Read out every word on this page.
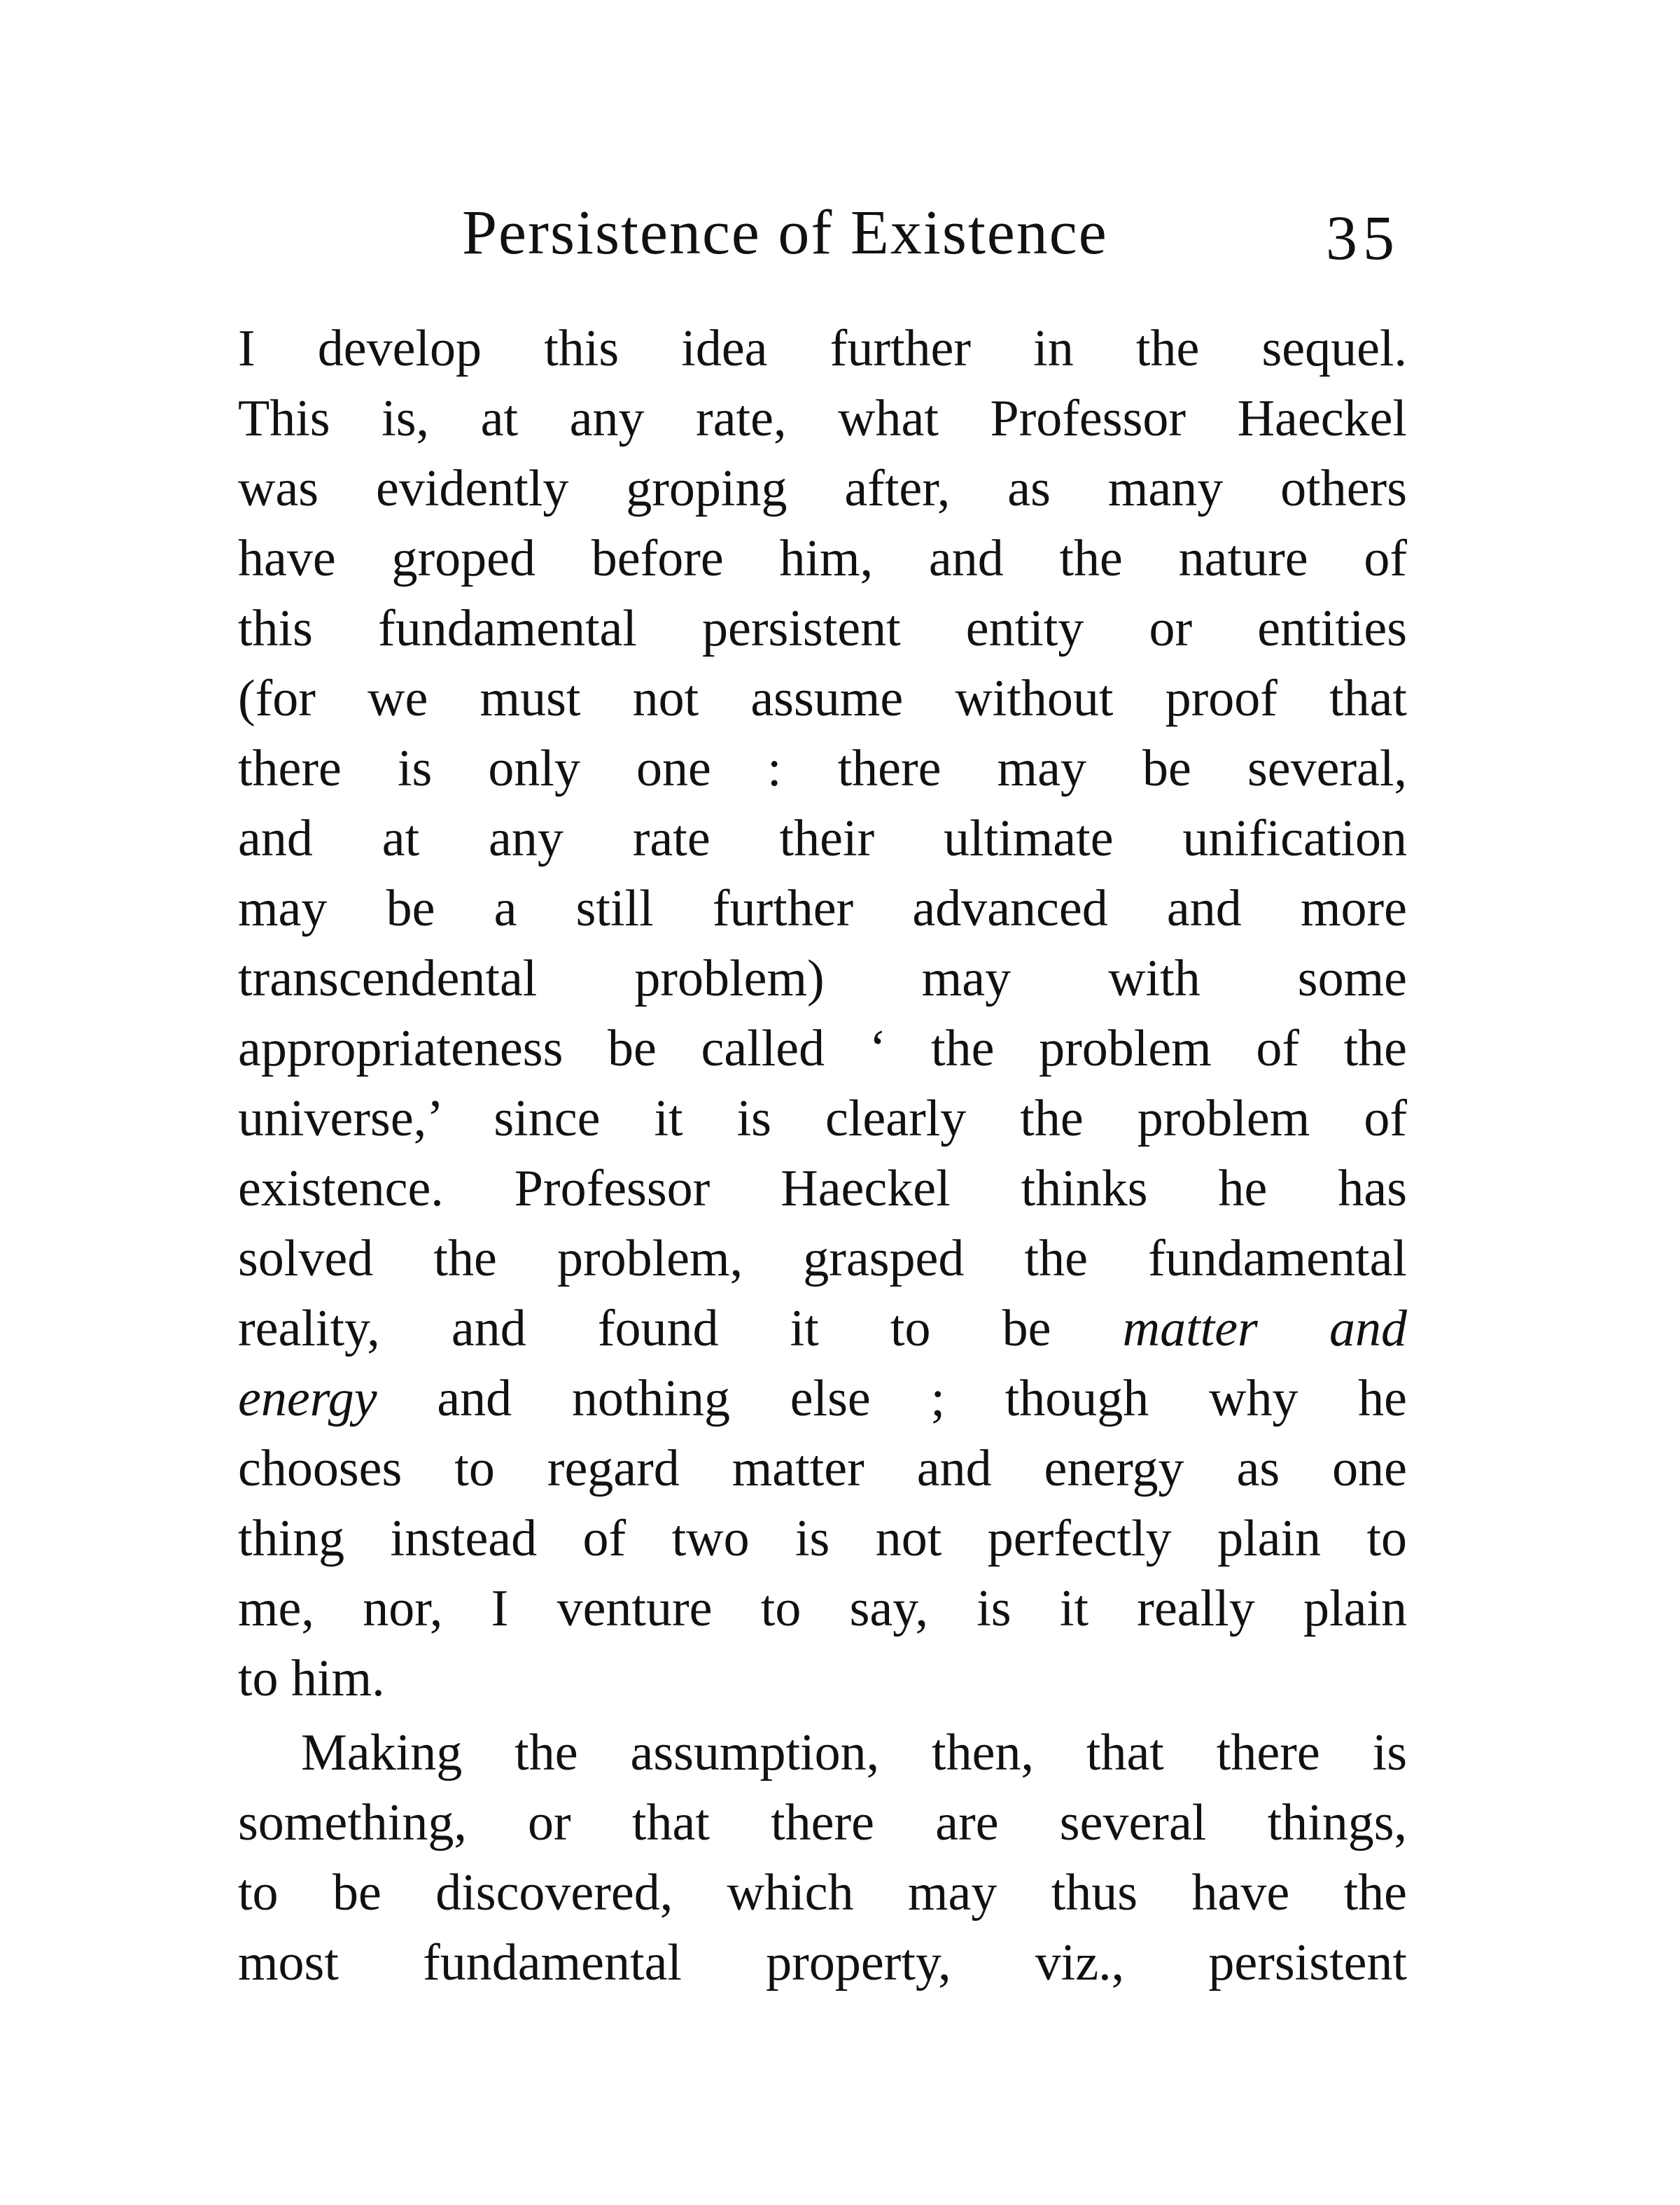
Persistence of Existence	35
I develop this idea further in the sequel.
This is, at any rate, what Professor Haeckel
was evidently groping after, as many others
have groped before him, and the nature of
this fundamental persistent entity or entities
(for we must not assume without proof that
there is only one : there may be several,
and at any rate their ultimate unification
may be a still further advanced and more
transcendental problem) may with some
appropriateness be called ‘ the problem of the
universe,’ since it is clearly the problem of
existence. Professor Haeckel thinks he has
solved the problem, grasped the fundamental
reality, and found it to be matter and
energy and nothing else ; though why he
chooses to regard matter and energy as one
thing instead of two is not perfectly plain to
me, nor, I venture to say, is it really plain
to him.
Making the assumption, then, that there is
something, or that there are several things,
to be discovered, which may thus have the
most fundamental property, viz., persistent
